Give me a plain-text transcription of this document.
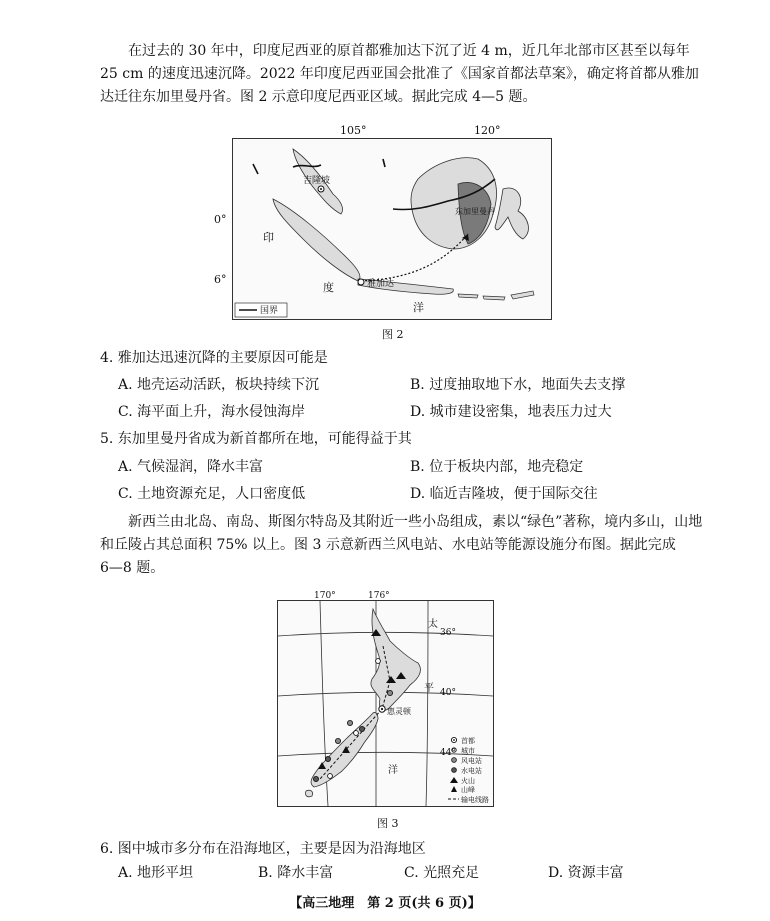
在过去的 30 年中，印度尼西亚的原首都雅加达下沉了近 4 m，近几年北部市区甚至以每年
25 cm 的速度迅速沉降。2022 年印度尼西亚国会批准了《国家首都法草案》，确定将首都从雅加
达迁往东加里曼丹省。图 2 示意印度尼西亚区域。据此完成 4—5 题。
吉隆坡
雅加达
东加里曼丹
印
度
洋
国界
105°	120°
0°
6°
图 2
4. 雅加达迅速沉降的主要原因可能是
A. 地壳运动活跃，板块持续下沉	B. 过度抽取地下水，地面失去支撑
C. 海平面上升，海水侵蚀海岸	D. 城市建设密集，地表压力过大
5. 东加里曼丹省成为新首都所在地，可能得益于其
A. 气候湿润，降水丰富	B. 位于板块内部，地壳稳定
C. 土地资源充足，人口密度低	D. 临近吉隆坡，便于国际交往
新西兰由北岛、南岛、斯图尔特岛及其附近一些小岛组成，素以“绿色”著称，境内多山，山地
和丘陵占其总面积 75% 以上。图 3 示意新西兰风电站、水电站等能源设施分布图。据此完成
6—8 题。
惠灵顿
太
平
洋
首都
城市
风电站
水电站
火山
山峰
输电线路
170°	176°
36°
40°
44°
图 3
6. 图中城市多分布在沿海地区，主要是因为沿海地区
A. 地形平坦	B. 降水丰富	C. 光照充足	D. 资源丰富
【高三地理　第 2 页(共 6 页)】
